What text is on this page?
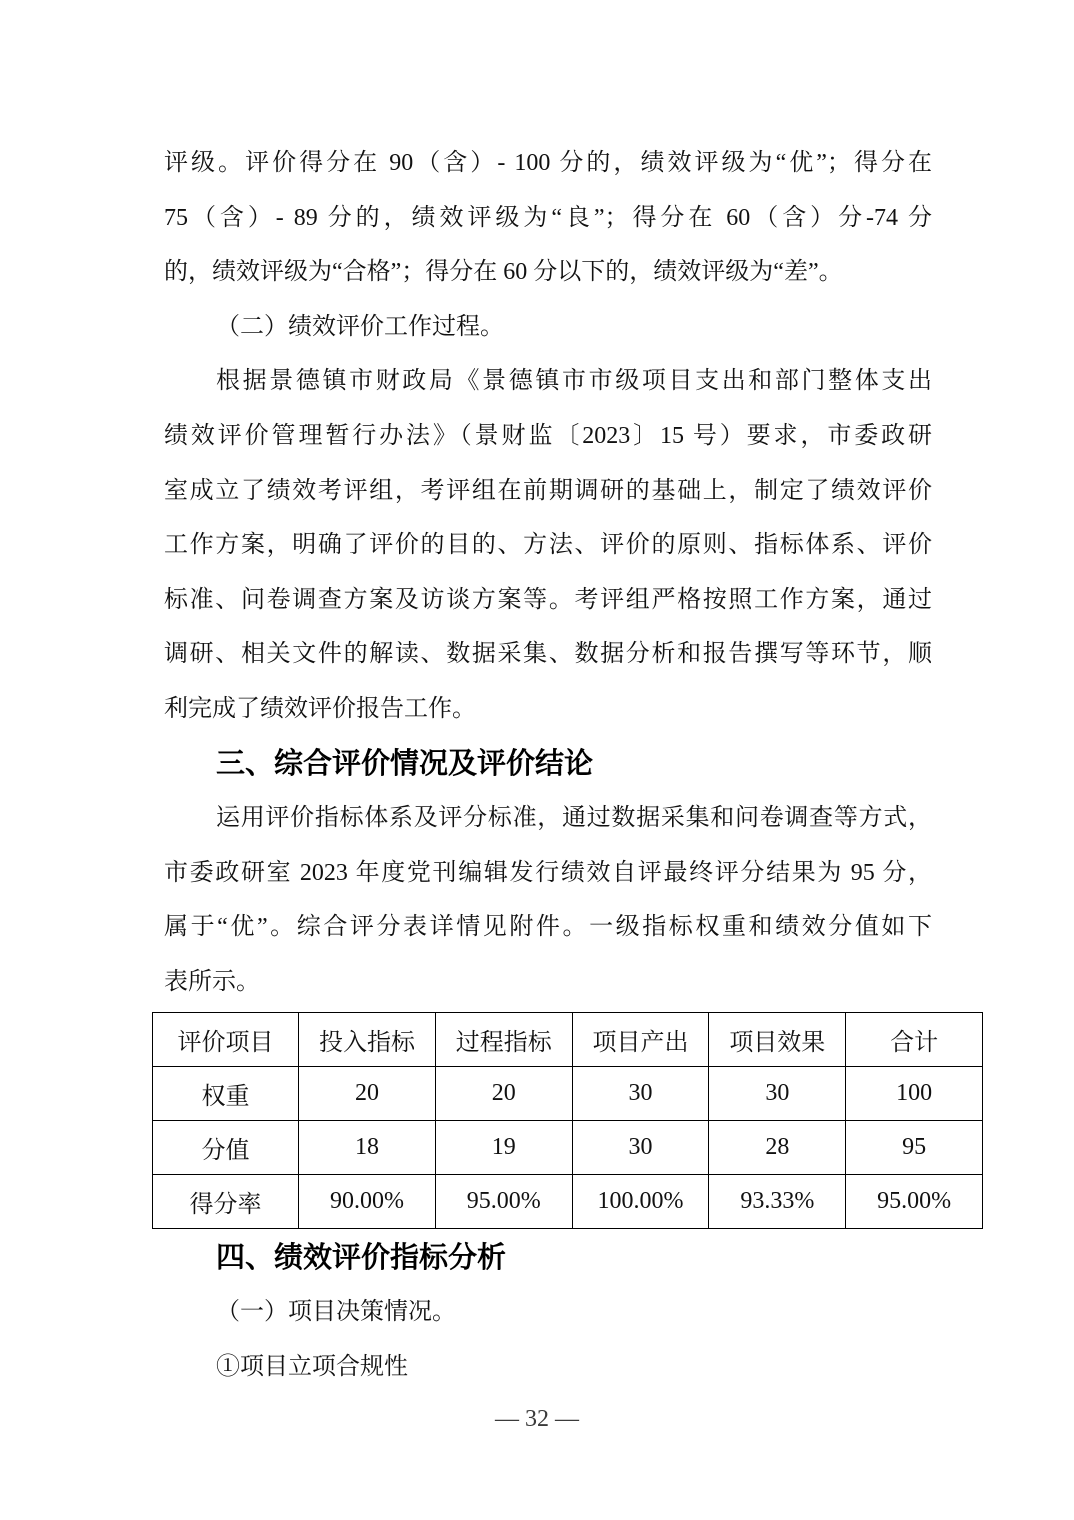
评级。评价得分在 90（含）- 100 分的，绩效评级为“优”；得分在
75（含）- 89 分的，绩效评级为“良”；得分在 60（含）分-74 分
的，绩效评级为“合格”；得分在 60 分以下的，绩效评级为“差”。
（二）绩效评价工作过程。
根据景德镇市财政局《景德镇市市级项目支出和部门整体支出
绩效评价管理暂行办法》（景财监〔2023〕15 号）要求，市委政研
室成立了绩效考评组，考评组在前期调研的基础上，制定了绩效评价
工作方案，明确了评价的目的、方法、评价的原则、指标体系、评价
标准、问卷调查方案及访谈方案等。考评组严格按照工作方案，通过
调研、相关文件的解读、数据采集、数据分析和报告撰写等环节，顺
利完成了绩效评价报告工作。
三、综合评价情况及评价结论
运用评价指标体系及评分标准，通过数据采集和问卷调查等方式，
市委政研室 2023 年度党刊编辑发行绩效自评最终评分结果为 95 分，
属于“优”。综合评分表详情见附件。一级指标权重和绩效分值如下
表所示。
评价项目	投入指标	过程指标	项目产出	项目效果	合计
权重	20	20	30	30	100
分值	18	19	30	28	95
得分率	90.00%	95.00%	100.00%	93.33%	95.00%
四、绩效评价指标分析
（一）项目决策情况。
①项目立项合规性
— 32 —
